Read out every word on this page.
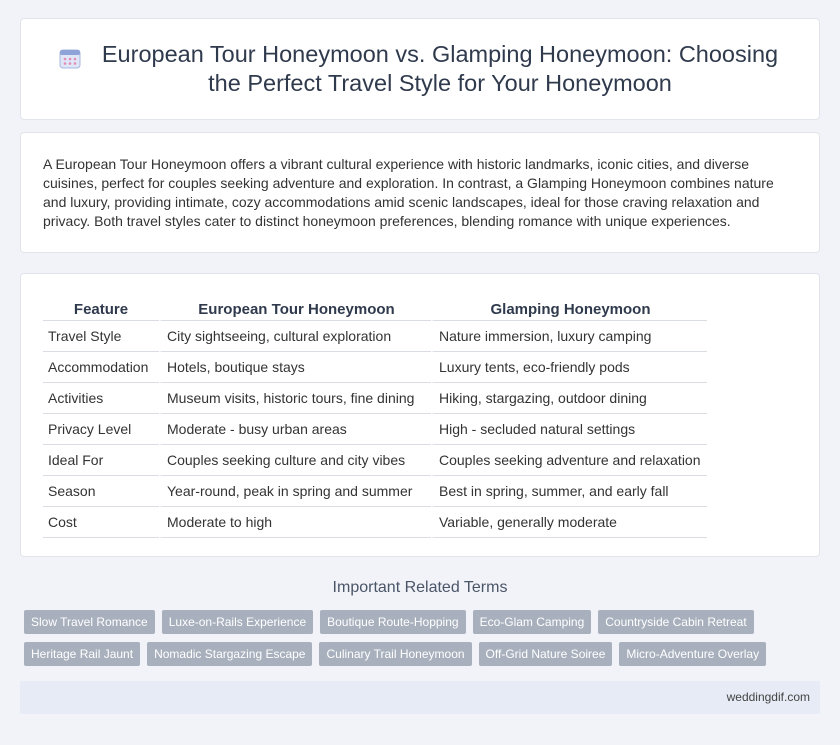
European Tour Honeymoon vs. Glamping Honeymoon: Choosing the Perfect Travel Style for Your Honeymoon

A European Tour Honeymoon offers a vibrant cultural experience with historic landmarks, iconic cities, and diverse cuisines, perfect for couples seeking adventure and exploration. In contrast, a Glamping Honeymoon combines nature and luxury, providing intimate, cozy accommodations amid scenic landscapes, ideal for those craving relaxation and privacy. Both travel styles cater to distinct honeymoon preferences, blending romance with unique experiences.

Feature	European Tour Honeymoon	Glamping Honeymoon
Travel Style	City sightseeing, cultural exploration	Nature immersion, luxury camping
Accommodation	Hotels, boutique stays	Luxury tents, eco-friendly pods
Activities	Museum visits, historic tours, fine dining	Hiking, stargazing, outdoor dining
Privacy Level	Moderate - busy urban areas	High - secluded natural settings
Ideal For	Couples seeking culture and city vibes	Couples seeking adventure and relaxation
Season	Year-round, peak in spring and summer	Best in spring, summer, and early fall
Cost	Moderate to high	Variable, generally moderate
Important Related Terms
Slow Travel Romance	Luxe-on-Rails Experience	Boutique Route-Hopping	Eco-Glam Camping	Countryside Cabin Retreat
Heritage Rail Jaunt	Nomadic Stargazing Escape	Culinary Trail Honeymoon	Off-Grid Nature Soiree	Micro-Adventure Overlay
weddingdif.com
